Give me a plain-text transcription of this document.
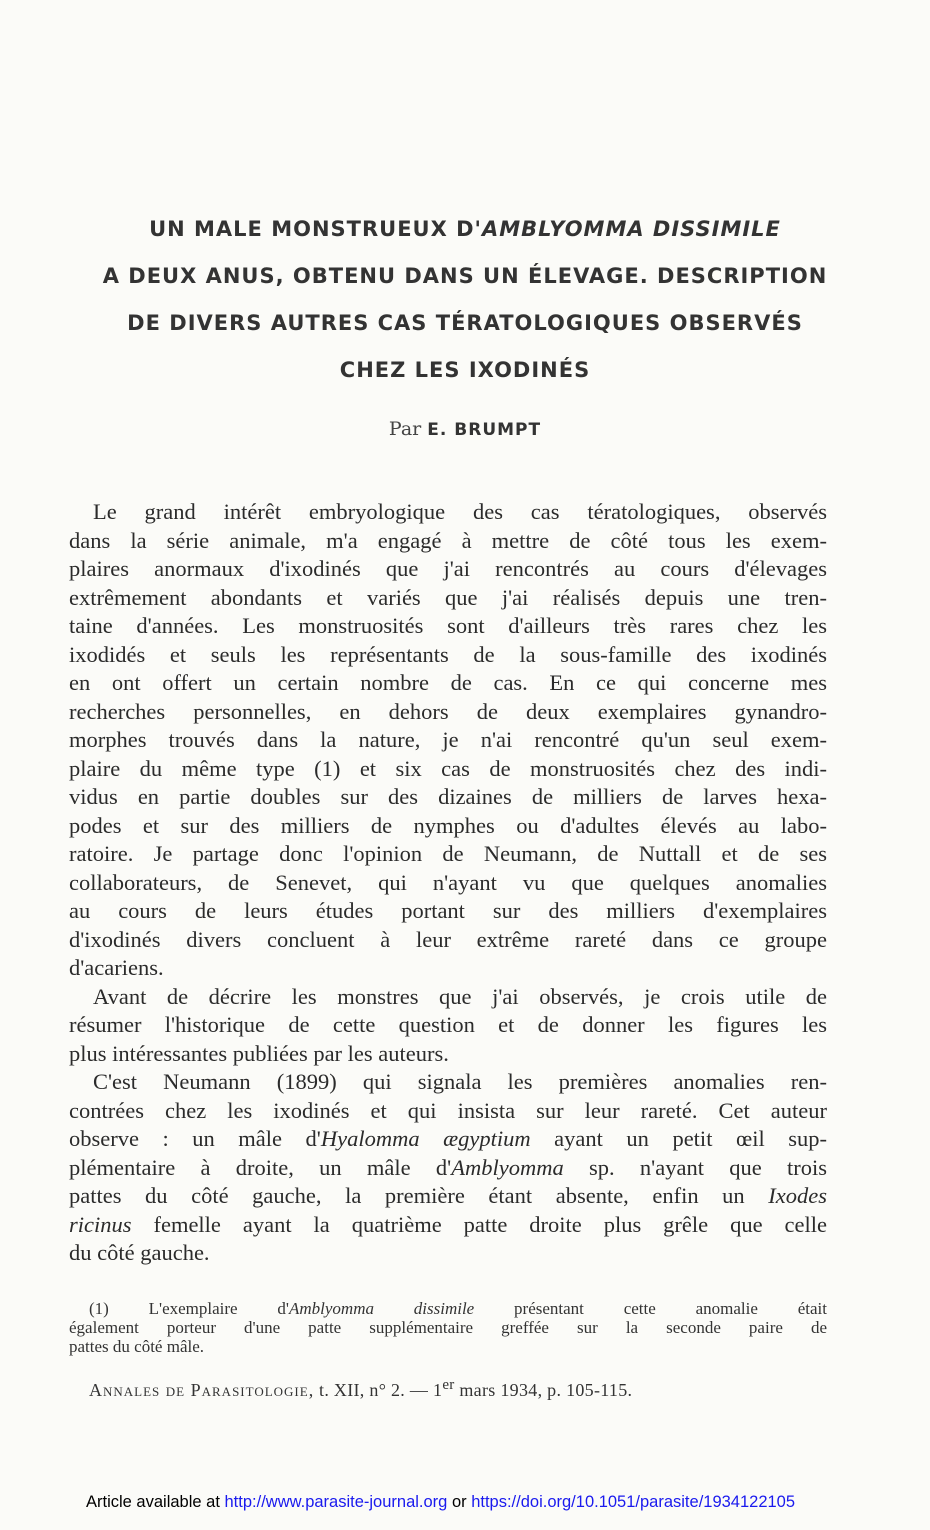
UN MALE MONSTRUEUX D'AMBLYOMMA DISSIMILE
A DEUX ANUS, OBTENU DANS UN ÉLEVAGE. DESCRIPTION
DE DIVERS AUTRES CAS TÉRATOLOGIQUES OBSERVÉS
CHEZ LES IXODINÉS
Par E. BRUMPT
Le grand intérêt embryologique des cas tératologiques, observés
dans la série animale, m'a engagé à mettre de côté tous les exem-
plaires anormaux d'ixodinés que j'ai rencontrés au cours d'élevages
extrêmement abondants et variés que j'ai réalisés depuis une tren-
taine d'années. Les monstruosités sont d'ailleurs très rares chez les
ixodidés et seuls les représentants de la sous-famille des ixodinés
en ont offert un certain nombre de cas. En ce qui concerne mes
recherches personnelles, en dehors de deux exemplaires gynandro-
morphes trouvés dans la nature, je n'ai rencontré qu'un seul exem-
plaire du même type (1) et six cas de monstruosités chez des indi-
vidus en partie doubles sur des dizaines de milliers de larves hexa-
podes et sur des milliers de nymphes ou d'adultes élevés au labo-
ratoire. Je partage donc l'opinion de Neumann, de Nuttall et de ses
collaborateurs, de Senevet, qui n'ayant vu que quelques anomalies
au cours de leurs études portant sur des milliers d'exemplaires
d'ixodinés divers concluent à leur extrême rareté dans ce groupe
d'acariens.
Avant de décrire les monstres que j'ai observés, je crois utile de
résumer l'historique de cette question et de donner les figures les
plus intéressantes publiées par les auteurs.
C'est Neumann (1899) qui signala les premières anomalies ren-
contrées chez les ixodinés et qui insista sur leur rareté. Cet auteur
observe : un mâle d'Hyalomma ægyptium ayant un petit œil sup-
plémentaire à droite, un mâle d'Amblyomma sp. n'ayant que trois
pattes du côté gauche, la première étant absente, enfin un Ixodes
ricinus femelle ayant la quatrième patte droite plus grêle que celle
du côté gauche.
(1) L'exemplaire d'Amblyomma dissimile présentant cette anomalie était
également porteur d'une patte supplémentaire greffée sur la seconde paire de
pattes du côté mâle.
Annales de Parasitologie, t. XII, n° 2. — 1er mars 1934, p. 105-115.
Article available at http://www.parasite-journal.org or https://doi.org/10.1051/parasite/1934122105
